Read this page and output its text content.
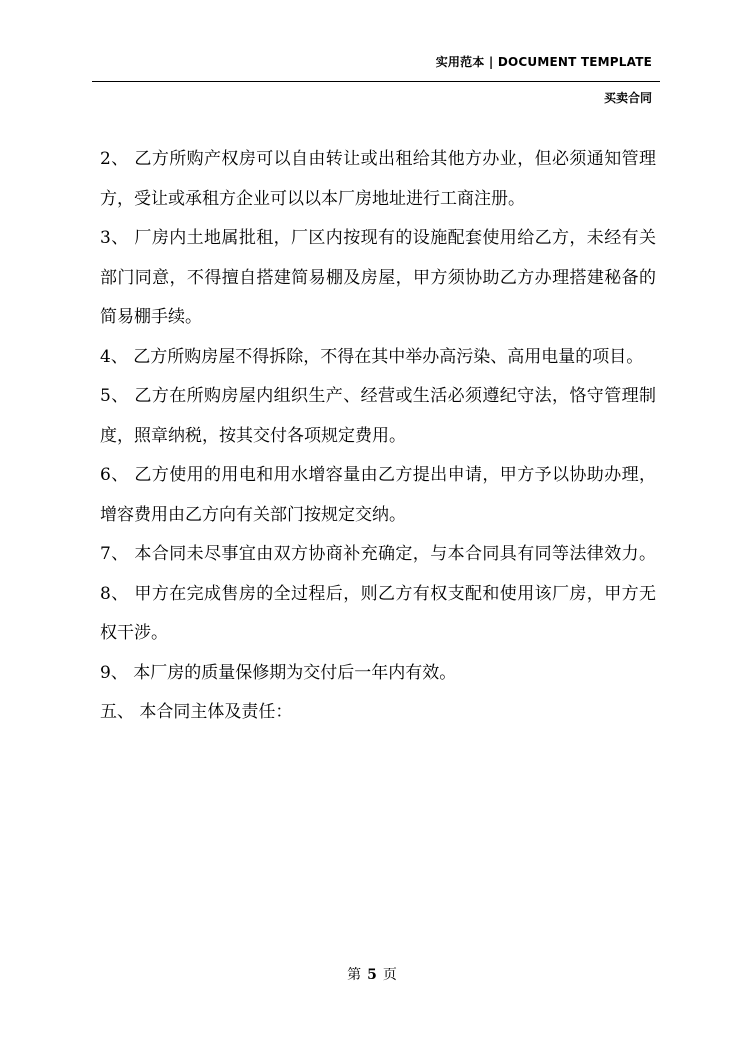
实用范本 | DOCUMENT TEMPLATE
买卖合同

2、 乙方所购产权房可以自由转让或出租给其他方办业，但必须通知管理方，受让或承租方企业可以以本厂房地址进行工商注册。

3、 厂房内土地属批租，厂区内按现有的设施配套使用给乙方，未经有关部门同意，不得擅自搭建简易棚及房屋，甲方须协助乙方办理搭建秘备的简易棚手续。

4、 乙方所购房屋不得拆除，不得在其中举办高污染、高用电量的项目。

5、 乙方在所购房屋内组织生产、经营或生活必须遵纪守法，恪守管理制度，照章纳税，按其交付各项规定费用。

6、 乙方使用的用电和用水增容量由乙方提出申请，甲方予以协助办理，增容费用由乙方向有关部门按规定交纳。

7、 本合同未尽事宜由双方协商补充确定，与本合同具有同等法律效力。 8、 甲方在完成售房的全过程后，则乙方有权支配和使用该厂房，甲方无权干涉。

9、 本厂房的质量保修期为交付后一年内有效。

五、 本合同主体及责任：

第 5 页
